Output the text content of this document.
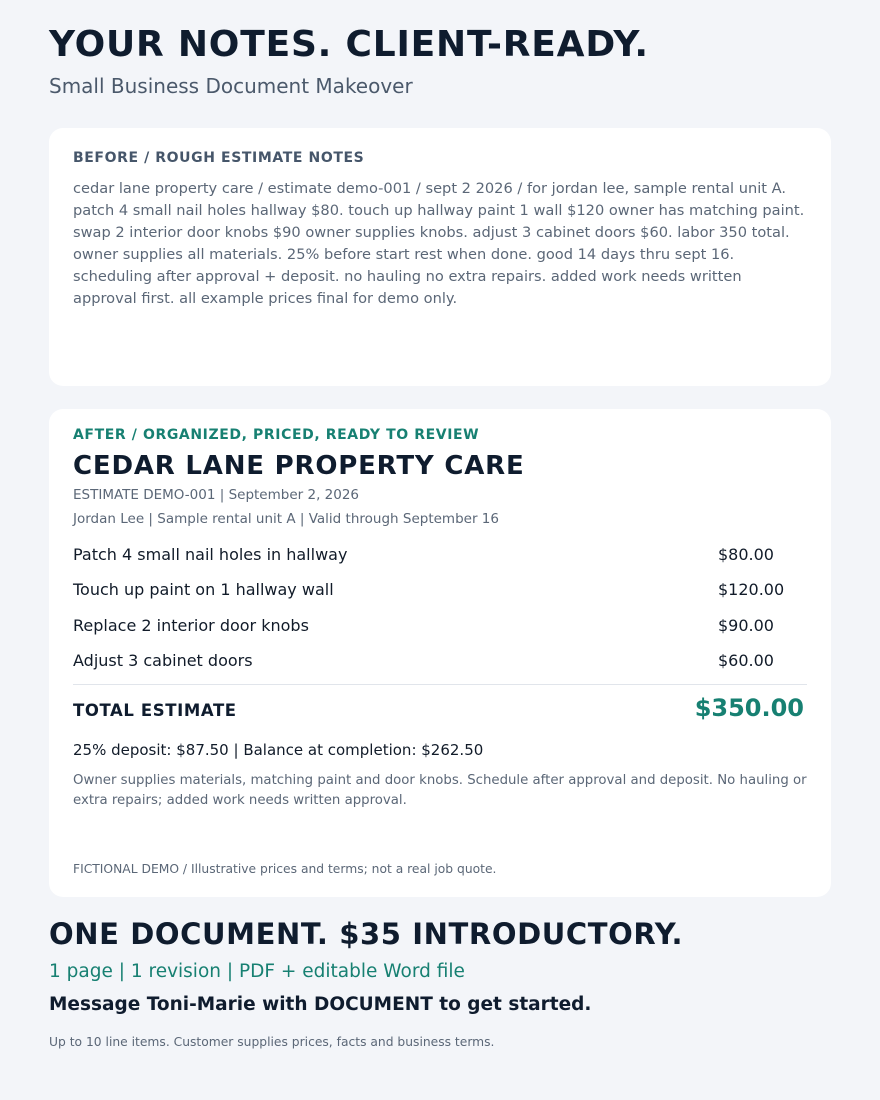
YOUR NOTES. CLIENT-READY.
Small Business Document Makeover
BEFORE / ROUGH ESTIMATE NOTES
cedar lane property care / estimate demo-001 / sept 2 2026 / for jordan lee, sample rental unit A. patch 4 small nail holes hallway $80. touch up hallway paint 1 wall $120 owner has matching paint. swap 2 interior door knobs $90 owner supplies knobs. adjust 3 cabinet doors $60. labor 350 total. owner supplies all materials. 25% before start rest when done. good 14 days thru sept 16. scheduling after approval + deposit. no hauling no extra repairs. added work needs written approval first. all example prices final for demo only.
AFTER / ORGANIZED, PRICED, READY TO REVIEW
CEDAR LANE PROPERTY CARE
ESTIMATE DEMO-001 | September 2, 2026
Jordan Lee | Sample rental unit A | Valid through September 16
Patch 4 small nail holes in hallway	$80.00
Touch up paint on 1 hallway wall	$120.00
Replace 2 interior door knobs	$90.00
Adjust 3 cabinet doors	$60.00
TOTAL ESTIMATE	$350.00
25% deposit: $87.50 | Balance at completion: $262.50
Owner supplies materials, matching paint and door knobs. Schedule after approval and deposit. No hauling or extra repairs; added work needs written approval.
FICTIONAL DEMO / Illustrative prices and terms; not a real job quote.
ONE DOCUMENT. $35 INTRODUCTORY.
1 page | 1 revision | PDF + editable Word file
Message Toni-Marie with DOCUMENT to get started.
Up to 10 line items. Customer supplies prices, facts and business terms.
